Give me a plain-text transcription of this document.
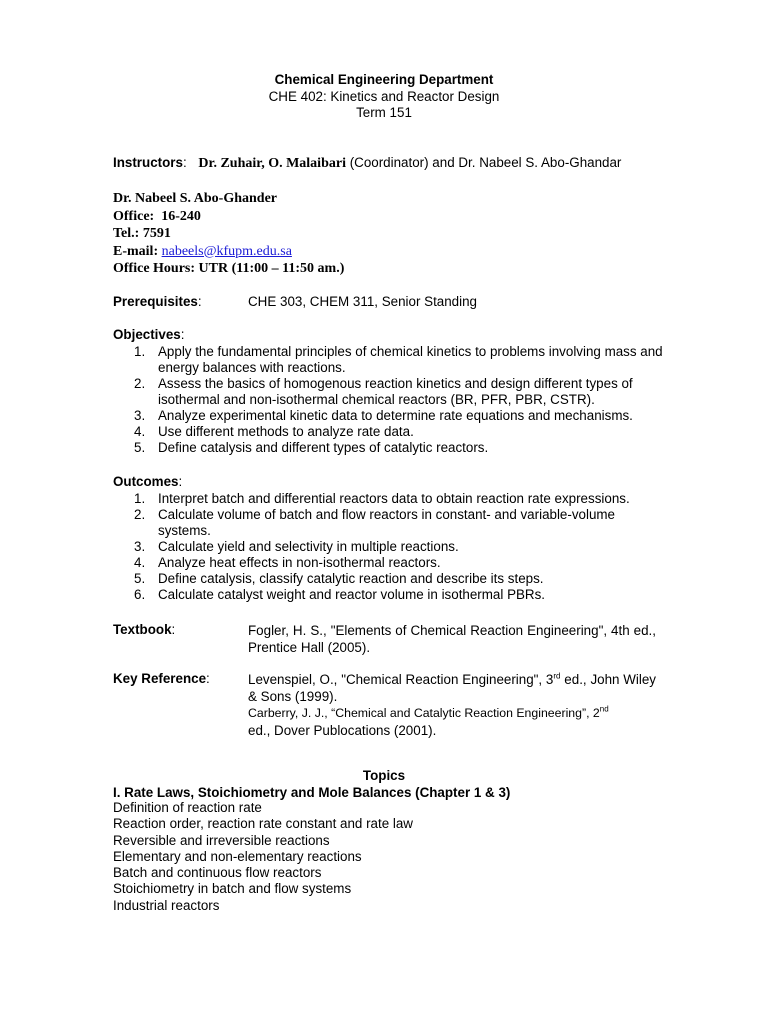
Chemical Engineering Department
CHE 402: Kinetics and Reactor Design
Term 151
Instructors: Dr. Zuhair, O. Malaibari (Coordinator) and Dr. Nabeel S. Abo-Ghandar
Dr. Nabeel S. Abo-Ghander
Office: 16-240
Tel.: 7591
E-mail: nabeels@kfupm.edu.sa
Office Hours: UTR (11:00 – 11:50 am.)
Prerequisites:	CHE 303, CHEM 311, Senior Standing
Objectives:
1. Apply the fundamental principles of chemical kinetics to problems involving mass and energy balances with reactions.
2. Assess the basics of homogenous reaction kinetics and design different types of isothermal and non-isothermal chemical reactors (BR, PFR, PBR, CSTR).
3. Analyze experimental kinetic data to determine rate equations and mechanisms.
4. Use different methods to analyze rate data.
5. Define catalysis and different types of catalytic reactors.
Outcomes:
1. Interpret batch and differential reactors data to obtain reaction rate expressions.
2. Calculate volume of batch and flow reactors in constant- and variable-volume systems.
3. Calculate yield and selectivity in multiple reactions.
4. Analyze heat effects in non-isothermal reactors.
5. Define catalysis, classify catalytic reaction and describe its steps.
6. Calculate catalyst weight and reactor volume in isothermal PBRs.
Textbook:	Fogler, H. S., "Elements of Chemical Reaction Engineering", 4th ed., Prentice Hall (2005).
Key Reference:	Levenspiel, O., "Chemical Reaction Engineering", 3rd ed., John Wiley & Sons (1999).
Carberry, J. J., “Chemical and Catalytic Reaction Engineering”, 2nd
ed., Dover Publocations (2001).
Topics
I. Rate Laws, Stoichiometry and Mole Balances (Chapter 1 & 3)
Definition of reaction rate
Reaction order, reaction rate constant and rate law
Reversible and irreversible reactions
Elementary and non-elementary reactions
Batch and continuous flow reactors
Stoichiometry in batch and flow systems
Industrial reactors
